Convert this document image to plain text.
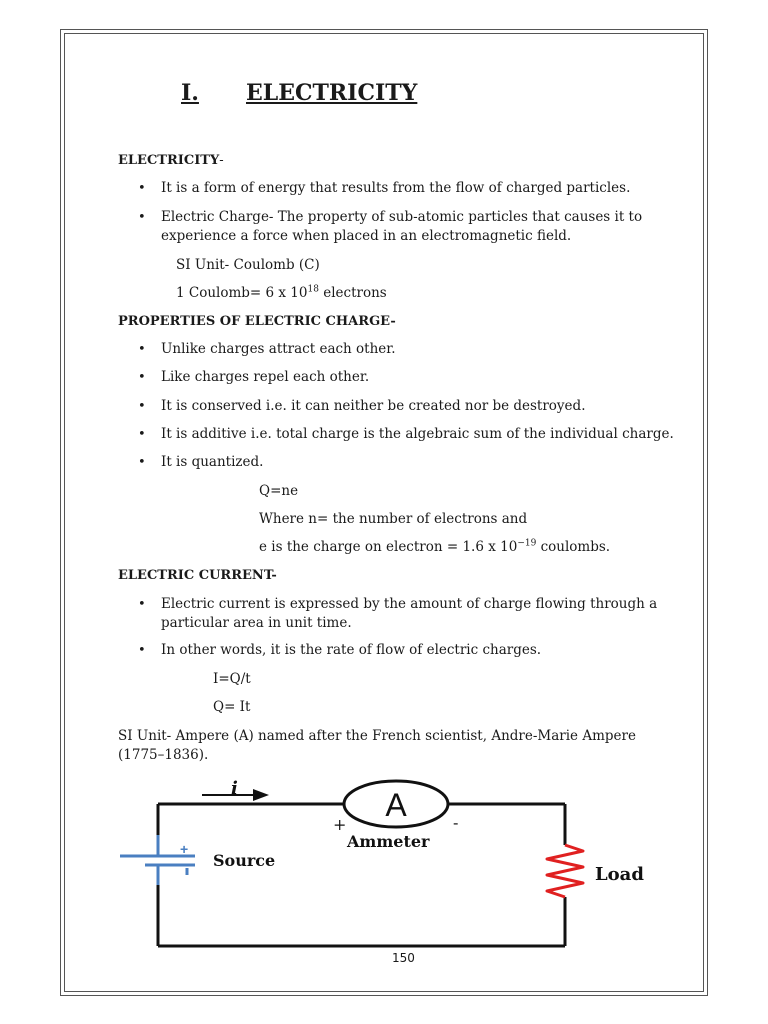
I. ELECTRICITY
ELECTRICITY-
• It is a form of energy that results from the flow of charged particles.
• Electric Charge- The property of sub-atomic particles that causes it to
experience a force when placed in an electromagnetic field.
SI Unit- Coulomb (C)
1 Coulomb= 6 x $10^{18}$ electrons
PROPERTIES OF ELECTRIC CHARGE-
• Unlike charges attract each other.
• Like charges repel each other.
• It is conserved i.e. it can neither be created nor be destroyed.
• It is additive i.e. total charge is the algebraic sum of the individual charge.
• It is quantized.
Q=ne
Where n= the number of electrons and
e is the charge on electron = 1.6 x $10^{-19}$ coulombs.
ELECTRIC CURRENT-
• Electric current is expressed by the amount of charge flowing through a
particular area in unit time.
• In other words, it is the rate of flow of electric charges.
I=Q/t
Q= It
SI Unit- Ampere (A) named after the French scientist, Andre-Marie Ampere
(1775–1836).
i	A
+	-
Ammeter
+
Source
Load
150
